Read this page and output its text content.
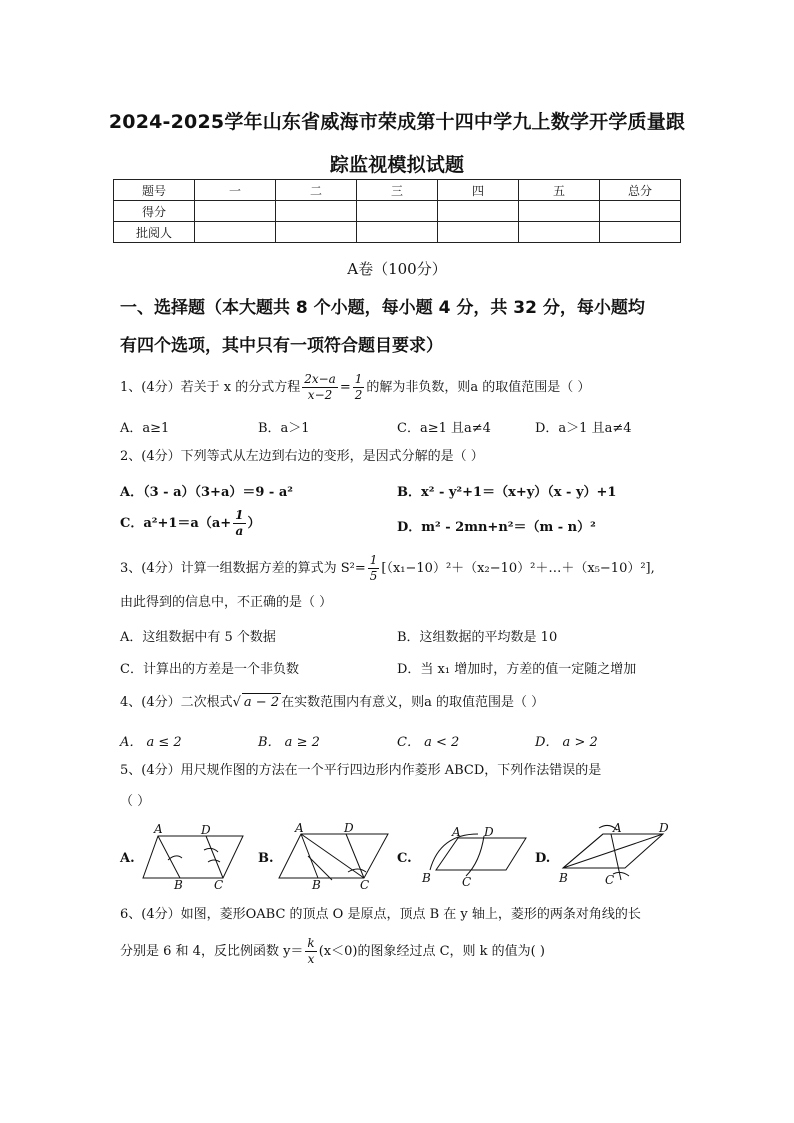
2024-2025学年山东省威海市荣成第十四中学九上数学开学质量跟
踪监视模拟试题
题号	一	二	三	四	五	总分
得分						
批阅人						
A卷（100分）
一、选择题（本大题共 8 个小题，每小题 4 分，共 32 分，每小题均
有四个选项，其中只有一项符合题目要求）
1、(4分）若关于 x 的分式方程 $\frac{2x-a}{x-2} = \frac{1}{2}$ 的解为非负数，则a 的取值范围是（ ）
A．a≥1	B．a＞1	C．a≥1 且a≠4	D．a＞1 且a≠4
2、(4分）下列等式从左边到右边的变形，是因式分解的是（ ）
A．（3 - a）（3+a）＝9 - a²	B．x² - y²+1＝（x+y）（x - y）+1
C．$a^2+1=a(a+ \frac{1}{a}$ ）	D．m² - 2mn+n²＝（m - n）²
3、(4分）计算一组数据方差的算式为 $S^2= \frac{1}{5}$ [（x₁−10）²＋（x₂−10）²＋…＋（x₅−10）²],
由此得到的信息中，不正确的是（ ）
A．这组数据中有 5 个数据	B．这组数据的平均数是 10
C．计算出的方差是一个非负数	D．当 x₁ 增加时，方差的值一定随之增加
4、(4分）二次根式√ a − 2 在实数范围内有意义，则a 的取值范围是（ ）
A． a ≤ 2	B． a ≥ 2	C． a < 2	D． a > 2
5、(4分）用尺规作图的方法在一个平行四边形内作菱形 ABCD，下列作法错误的是
（ ）
A.	B.	C.	D.
A
B	C
D	A
B	C
D	A
B	C
D	A
B	C
D
6、(4分）如图，菱形OABC 的顶点 O 是原点，顶点 B 在 y 轴上，菱形的两条对角线的长
分别是 6 和 4，反比例函数 $y= \frac{k}{x} (x<0)$的图象经过点 C，则 k 的值为( )
